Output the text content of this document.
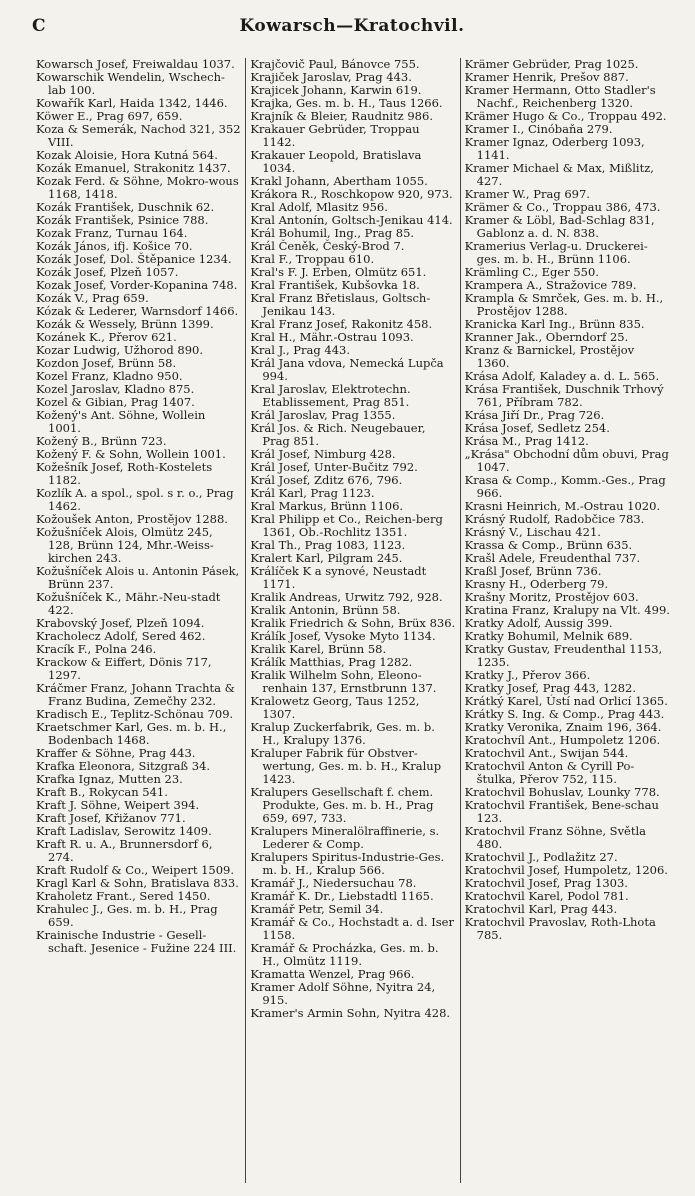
C	Kowarsch—Kratochvil.
Kowarsch Josef, Freiwaldau 1037.
Kowarschik Wendelin, Wschech-lab 100.
Kowařík Karl, Haida 1342, 1446.
Köwer E., Prag 697, 659.
Koza & Semerák, Nachod 321, 352 VIII.
Kozak Aloisie, Hora Kutná 564.
Kozák Emanuel, Strakonitz 1437.
Kozak Ferd. & Söhne, Mokro-wous 1168, 1418.
Kozák František, Duschnik 62.
Kozák František, Psinice 788.
Kozak Franz, Turnau 164.
Kozák János, ifj. Košice 70.
Kozák Josef, Dol. Štěpanice 1234.
Kozák Josef, Plzeň 1057.
Kozak Josef, Vorder-Kopanina 748.
Kozák V., Prag 659.
Kózak & Lederer, Warnsdorf 1466.
Kozák & Wessely, Brünn 1399.
Kozánek K., Přerov 621.
Kozar Ludwig, Užhorod 890.
Kozdon Josef, Brünn 58.
Kozel Franz, Kladno 950.
Kozel Jaroslav, Kladno 875.
Kozel & Gibian, Prag 1407.
Kožený's Ant. Söhne, Wollein 1001.
Kožený B., Brünn 723.
Kožený F. & Sohn, Wollein 1001.
Kožešník Josef, Roth-Kostelets 1182.
Kozlík A. a spol., spol. s r. o., Prag 1462.
Kožoušek Anton, Prostějov 1288.
Kožušníček Alois, Olmütz 245, 128, Brünn 124, Mhr.-Weiss-kirchen 243.
Kožušníček Alois u. Antonin Pásek, Brünn 237.
Kožušníček K., Mähr.-Neu-stadt 422.
Krabovský Josef, Plzeň 1094.
Kracholecz Adolf, Sered 462.
Kracík F., Polna 246.
Krackow & Eiffert, Dönis 717, 1297.
Kráčmer Franz, Johann Trachta & Franz Budina, Zemečhy 232.
Kradisch E., Teplitz-Schönau 709.
Kraetschmer Karl, Ges. m. b. H., Bodenbach 1468.
Kraffer & Söhne, Prag 443.
Krafka Eleonora, Sitzgraß 34.
Krafka Ignaz, Mutten 23.
Kraft B., Rokycan 541.
Kraft J. Söhne, Weipert 394.
Kraft Josef, Křižanov 771.
Kraft Ladislav, Serowitz 1409.
Kraft R. u. A., Brunnersdorf 6, 274.
Kraft Rudolf & Co., Weipert 1509.
Kragl Karl & Sohn, Bratislava 833.
Kraholetz Frant., Sered 1450.
Krahulec J., Ges. m. b. H., Prag 659.
Krainische Industrie - Gesell-schaft. Jesenice - Fužine 224 III.
Krajčovič Paul, Bánovce 755.
Krajiček Jaroslav, Prag 443.
Krajicek Johann, Karwin 619.
Krajka, Ges. m. b. H., Taus 1266.
Krajník & Bleier, Raudnitz 986.
Krakauer Gebrüder, Troppau 1142.
Krakauer Leopold, Bratislava 1034.
Krakl Johann, Abertham 1055.
Krákora R., Roschkopow 920, 973.
Kral Adolf, Mlasitz 956.
Kral Antonín, Goltsch-Jenikau 414.
Král Bohumil, Ing., Prag 85.
Král Čeněk, Český-Brod 7.
Kral F., Troppau 610.
Kral's F. J. Erben, Olmütz 651.
Kral František, Kubšovka 18.
Kral Franz Břetislaus, Goltsch-Jenikau 143.
Kral Franz Josef, Rakonitz 458.
Kral H., Mähr.-Ostrau 1093.
Kral J., Prag 443.
Král Jana vdova, Nemecká Lupča 994.
Kral Jaroslav, Elektrotechn. Etablissement, Prag 851.
Král Jaroslav, Prag 1355.
Král Jos. & Rich. Neugebauer, Prag 851.
Král Josef, Nimburg 428.
Král Josef, Unter-Bučitz 792.
Král Josef, Zditz 676, 796.
Král Karl, Prag 1123.
Kral Markus, Brünn 1106.
Kral Philipp et Co., Reichen-berg 1361, Ob.-Rochlitz 1351.
Kral Th., Prag 1083, 1123.
Kralert Karl, Pilgram 245.
Králíček K a synové, Neustadt 1171.
Kralik Andreas, Urwitz 792, 928.
Kralik Antonin, Brünn 58.
Kralik Friedrich & Sohn, Brüx 836.
Králík Josef, Vysoke Myto 1134.
Kralik Karel, Brünn 58.
Králík Matthias, Prag 1282.
Kralik Wilhelm Sohn, Eleono-renhain 137, Ernstbrunn 137.
Kralowetz Georg, Taus 1252, 1307.
Kralup Zuckerfabrik, Ges. m. b. H., Kralupy 1376.
Kraluper Fabrik für Obstver-wertung, Ges. m. b. H., Kralup 1423.
Kralupers Gesellschaft f. chem. Produkte, Ges. m. b. H., Prag 659, 697, 733.
Kralupers Mineralölraffinerie, s. Lederer & Comp.
Kralupers Spiritus-Industrie-Ges. m. b. H., Kralup 566.
Kramář J., Niedersuchau 78.
Kramář K. Dr., Liebstadtl 1165.
Kramář Petr, Semil 34.
Kramář & Co., Hochstadt a. d. Iser 1158.
Kramář & Procházka, Ges. m. b. H., Olmütz 1119.
Kramatta Wenzel, Prag 966.
Kramer Adolf Söhne, Nyitra 24, 915.
Kramer's Armin Sohn, Nyitra 428.
Krämer Gebrüder, Prag 1025.
Kramer Henrik, Prešov 887.
Kramer Hermann, Otto Stadler's Nachf., Reichenberg 1320.
Krämer Hugo & Co., Troppau 492.
Kramer I., Cinóbaňa 279.
Kramer Ignaz, Oderberg 1093, 1141.
Kramer Michael & Max, Mißlitz, 427.
Kramer W., Prag 697.
Krämer & Co., Troppau 386, 473.
Kramer & Löbl, Bad-Schlag 831, Gablonz a. d. N. 838.
Kramerius Verlag-u. Druckerei-ges. m. b. H., Brünn 1106.
Krämling C., Eger 550.
Krampera A., Stražovice 789.
Krampla & Smrček, Ges. m. b. H., Prostějov 1288.
Kranicka Karl Ing., Brünn 835.
Kranner Jak., Oberndorf 25.
Kranz & Barnickel, Prostějov 1360.
Krása Adolf, Kaladey a. d. L. 565.
Krása František, Duschnik Trhový 761, Příbram 782.
Krása Jiří Dr., Prag 726.
Krása Josef, Sedletz 254.
Krása M., Prag 1412.
„Krása" Obchodní dům obuvi, Prag 1047.
Krasa & Comp., Komm.-Ges., Prag 966.
Krasni Heinrich, M.-Ostrau 1020.
Krásný Rudolf, Radobčice 783.
Krásný V., Lischau 421.
Krassa & Comp., Brünn 635.
Krašl Adele, Freudenthal 737.
Kraßl Josef, Brünn 736.
Krasny H., Oderberg 79.
Krašny Moritz, Prostějov 603.
Kratina Franz, Kralupy na Vlt. 499.
Kratky Adolf, Aussig 399.
Kratky Bohumil, Melnik 689.
Kratky Gustav, Freudenthal 1153, 1235.
Kratky J., Přerov 366.
Kratky Josef, Prag 443, 1282.
Krátký Karel, Ústí nad Orlicí 1365.
Krátky S. Ing. & Comp., Prag 443.
Kratky Veronika, Znaim 196, 364.
Kratochvíl Ant., Humpoletz 1206.
Kratochvil Ant., Swijan 544.
Kratochvil Anton & Cyrill Po-štulka, Přerov 752, 115.
Kratochvil Bohuslav, Lounky 778.
Kratochvil František, Bene-schau 123.
Kratochvil Franz Söhne, Světla 480.
Kratochvil J., Podlažitz 27.
Kratochvil Josef, Humpoletz, 1206.
Kratochvil Josef, Prag 1303.
Kratochvil Karel, Podol 781.
Kratochvil Karl, Prag 443.
Kratochvil Pravoslav, Roth-Lhota 785.
